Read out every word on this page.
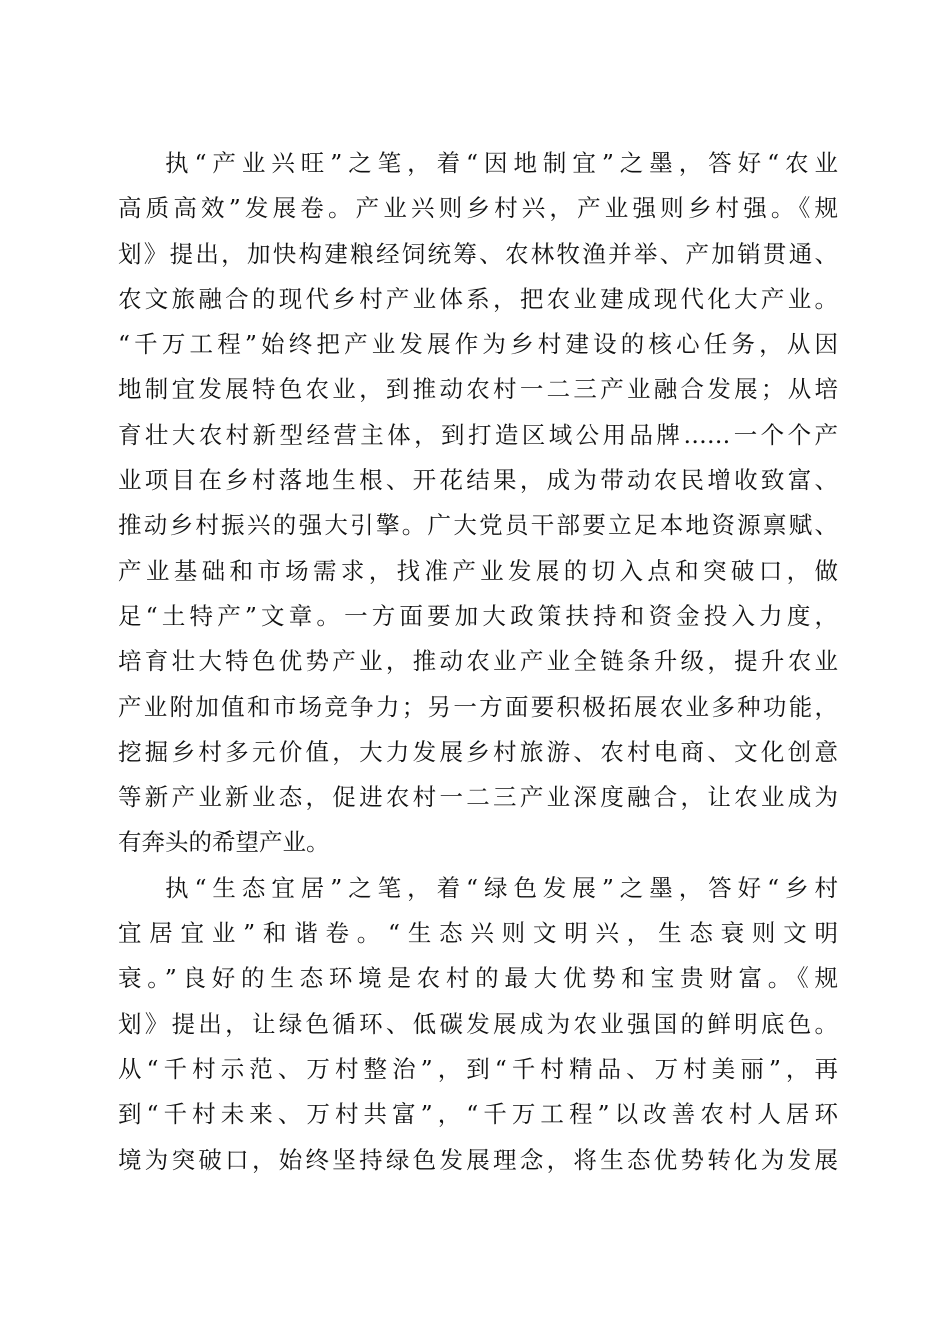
执“产业兴旺”之笔，着“因地制宜”之墨，答好“农业
高质高效”发展卷。产业兴则乡村兴，产业强则乡村强。《规
划》提出，加快构建粮经饲统筹、农林牧渔并举、产加销贯通、
农文旅融合的现代乡村产业体系，把农业建成现代化大产业。
“千万工程”始终把产业发展作为乡村建设的核心任务，从因
地制宜发展特色农业，到推动农村一二三产业融合发展；从培
育壮大农村新型经营主体，到打造区域公用品牌……一个个产
业项目在乡村落地生根、开花结果，成为带动农民增收致富、
推动乡村振兴的强大引擎。广大党员干部要立足本地资源禀赋、
产业基础和市场需求，找准产业发展的切入点和突破口，做
足“土特产”文章。一方面要加大政策扶持和资金投入力度，
培育壮大特色优势产业，推动农业产业全链条升级，提升农业
产业附加值和市场竞争力；另一方面要积极拓展农业多种功能，
挖掘乡村多元价值，大力发展乡村旅游、农村电商、文化创意
等新产业新业态，促进农村一二三产业深度融合，让农业成为
有奔头的希望产业。
执“生态宜居”之笔，着“绿色发展”之墨，答好“乡村
宜居宜业”和谐卷。“生态兴则文明兴，生态衰则文明
衰。”良好的生态环境是农村的最大优势和宝贵财富。《规
划》提出，让绿色循环、低碳发展成为农业强国的鲜明底色。
从“千村示范、万村整治”，到“千村精品、万村美丽”，再
到“千村未来、万村共富”，“千万工程”以改善农村人居环
境为突破口，始终坚持绿色发展理念，将生态优势转化为发展
